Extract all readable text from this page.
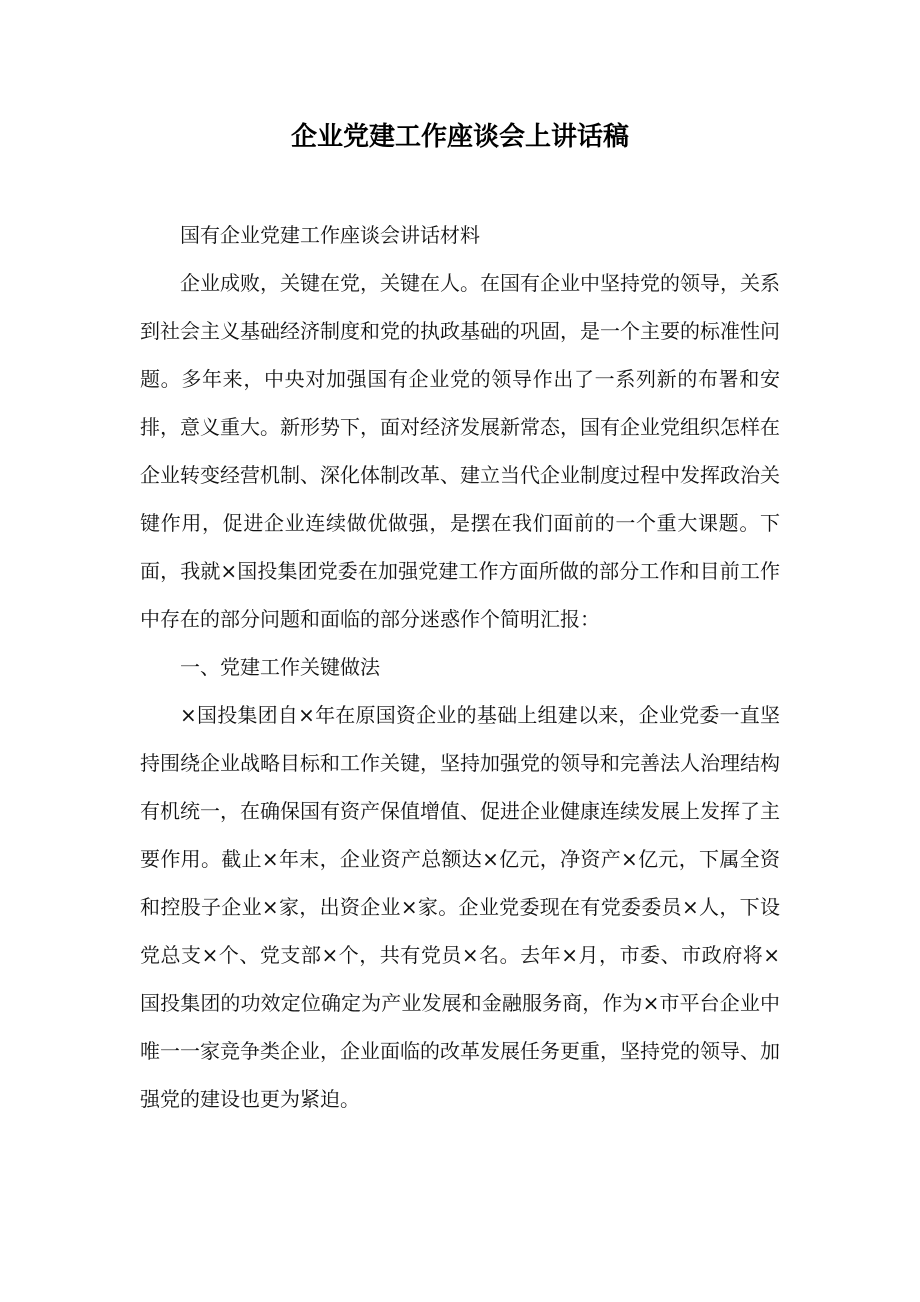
企业党建工作座谈会上讲话稿

国有企业党建工作座谈会讲话材料

企业成败，关键在党，关键在人。在国有企业中坚持党的领导，关系到社会主义基础经济制度和党的执政基础的巩固，是一个主要的标准性问题。多年来，中央对加强国有企业党的领导作出了一系列新的布署和安排，意义重大。新形势下，面对经济发展新常态，国有企业党组织怎样在企业转变经营机制、深化体制改革、建立当代企业制度过程中发挥政治关键作用，促进企业连续做优做强，是摆在我们面前的一个重大课题。下面，我就×国投集团党委在加强党建工作方面所做的部分工作和目前工作中存在的部分问题和面临的部分迷惑作个简明汇报：

一、党建工作关键做法

×国投集团自×年在原国资企业的基础上组建以来，企业党委一直坚持围绕企业战略目标和工作关键，坚持加强党的领导和完善法人治理结构有机统一，在确保国有资产保值增值、促进企业健康连续发展上发挥了主要作用。截止×年末，企业资产总额达×亿元，净资产×亿元，下属全资和控股子企业×家，出资企业×家。企业党委现在有党委委员×人，下设党总支×个、党支部×个，共有党员×名。去年×月，市委、市政府将×国投集团的功效定位确定为产业发展和金融服务商，作为×市平台企业中唯一一家竞争类企业，企业面临的改革发展任务更重，坚持党的领导、加强党的建设也更为紧迫。
